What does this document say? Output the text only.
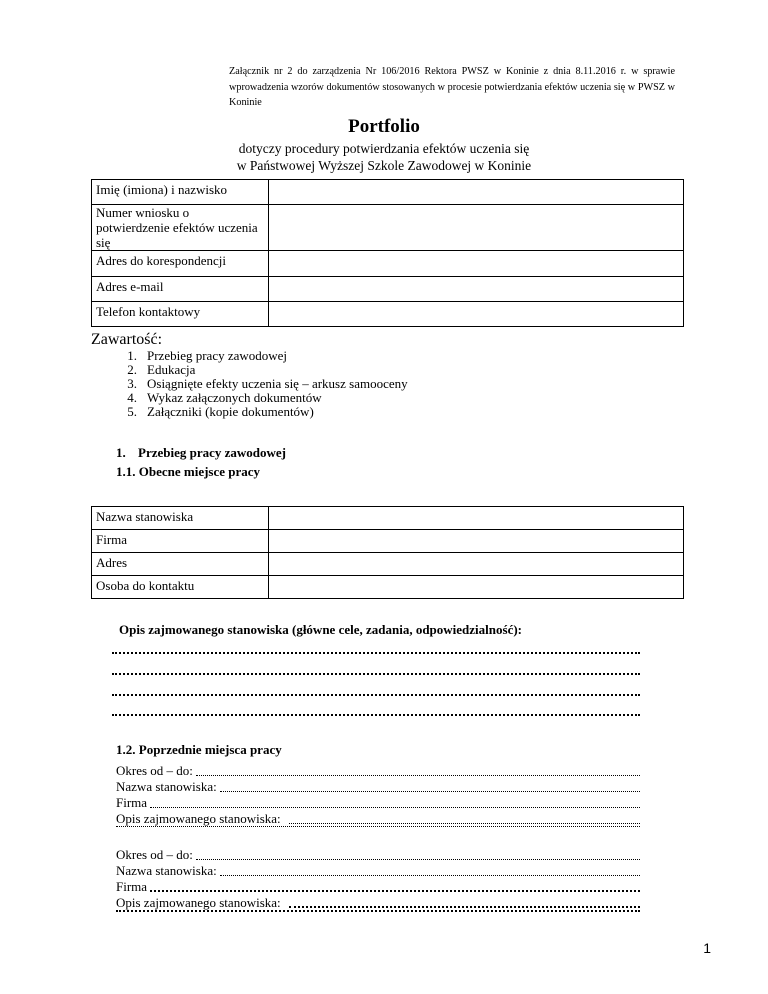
Załącznik nr 2 do zarządzenia Nr 106/2016 Rektora PWSZ w Koninie z dnia 8.11.2016 r. w sprawie wprowadzenia wzorów dokumentów stosowanych w procesie potwierdzania efektów uczenia się w PWSZ w Koninie
Portfolio
dotyczy procedury potwierdzania efektów uczenia się
w Państwowej Wyższej Szkole Zawodowej w Koninie
Imię (imiona) i nazwisko	
Numer wniosku o potwierdzenie efektów uczenia się	
Adres do korespondencji	
Adres e-mail	
Telefon kontaktowy	
Zawartość:
1. Przebieg pracy zawodowej
2. Edukacja
3. Osiągnięte efekty uczenia się – arkusz samooceny
4. Wykaz załączonych dokumentów
5. Załączniki (kopie dokumentów)
1. Przebieg pracy zawodowej
1.1. Obecne miejsce pracy
Nazwa stanowiska	
Firma	
Adres	
Osoba do kontaktu	
Opis zajmowanego stanowiska (główne cele, zadania, odpowiedzialność):
1.2. Poprzednie miejsca pracy
Okres od – do:
Nazwa stanowiska:
Firma
Opis zajmowanego stanowiska:
Okres od – do:
Nazwa stanowiska:
Firma
Opis zajmowanego stanowiska:
1
